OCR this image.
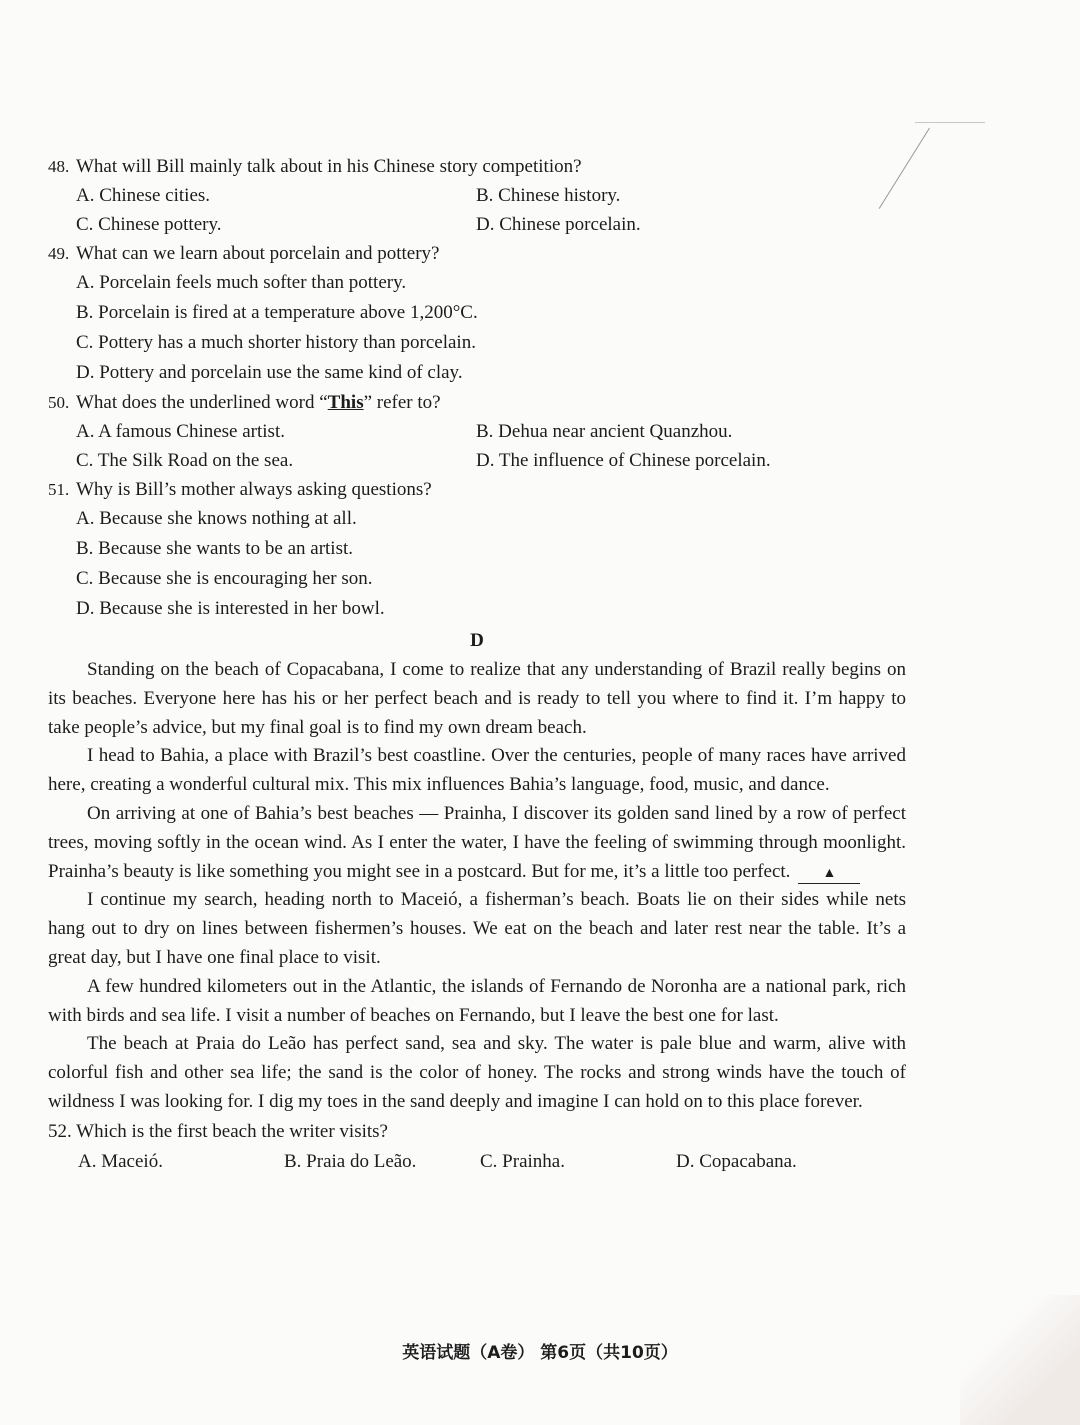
48. What will Bill mainly talk about in his Chinese story competition?
A. Chinese cities.	B. Chinese history.
C. Chinese pottery.	D. Chinese porcelain.
49. What can we learn about porcelain and pottery?
A. Porcelain feels much softer than pottery.
B. Porcelain is fired at a temperature above 1,200°C.
C. Pottery has a much shorter history than porcelain.
D. Pottery and porcelain use the same kind of clay.
50. What does the underlined word “This” refer to?
A. A famous Chinese artist.	B. Dehua near ancient Quanzhou.
C. The Silk Road on the sea.	D. The influence of Chinese porcelain.
51. Why is Bill’s mother always asking questions?
A. Because she knows nothing at all.
B. Because she wants to be an artist.
C. Because she is encouraging her son.
D. Because she is interested in her bowl.
D

Standing on the beach of Copacabana, I come to realize that any understanding of Brazil really begins on its beaches. Everyone here has his or her perfect beach and is ready to tell you where to find it. I’m happy to take people’s advice, but my final goal is to find my own dream beach.

I head to Bahia, a place with Brazil’s best coastline. Over the centuries, people of many races have arrived here, creating a wonderful cultural mix. This mix influences Bahia’s language, food, music, and dance.

On arriving at one of Bahia’s best beaches — Prainha, I discover its golden sand lined by a row of perfect trees, moving softly in the ocean wind. As I enter the water, I have the feeling of swimming through moonlight. Prainha’s beauty is like something you might see in a postcard. But for me, it’s a little too perfect. ▲

I continue my search, heading north to Maceió, a fisherman’s beach. Boats lie on their sides while nets hang out to dry on lines between fishermen’s houses. We eat on the beach and later rest near the table. It’s a great day, but I have one final place to visit.

A few hundred kilometers out in the Atlantic, the islands of Fernando de Noronha are a national park, rich with birds and sea life. I visit a number of beaches on Fernando, but I leave the best one for last.

The beach at Praia do Leão has perfect sand, sea and sky. The water is pale blue and warm, alive with colorful fish and other sea life; the sand is the color of honey. The rocks and strong winds have the touch of wildness I was looking for. I dig my toes in the sand deeply and imagine I can hold on to this place forever.

52. Which is the first beach the writer visits?
A. Maceió.	B. Praia do Leão.	C. Prainha.	D. Copacabana.
英语试题（A卷） 第6页（共10页）
